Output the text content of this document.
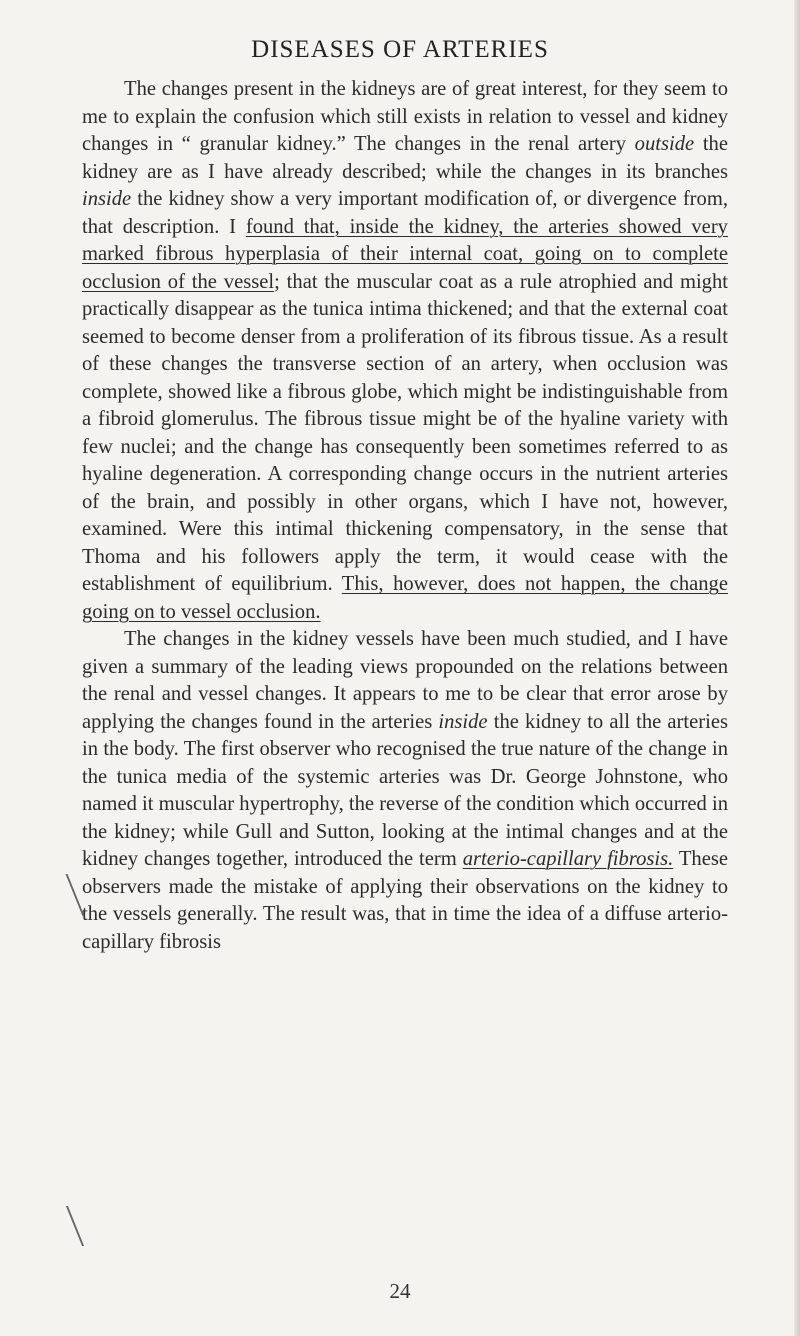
DISEASES OF ARTERIES

The changes present in the kidneys are of great interest, for they seem to me to explain the confusion which still exists in relation to vessel and kidney changes in “ granular kidney.” The changes in the renal artery outside the kidney are as I have already described; while the changes in its branches inside the kidney show a very important modification of, or divergence from, that description. I found that, inside the kidney, the arteries showed very marked fibrous hyperplasia of their internal coat, going on to complete occlusion of the vessel; that the muscular coat as a rule atrophied and might practically disappear as the tunica intima thickened; and that the external coat seemed to become denser from a proliferation of its fibrous tissue. As a result of these changes the transverse section of an artery, when occlusion was complete, showed like a fibrous globe, which might be indistinguishable from a fibroid glomerulus. The fibrous tissue might be of the hyaline variety with few nuclei; and the change has consequently been sometimes referred to as hyaline degeneration. A corresponding change occurs in the nutrient arteries of the brain, and possibly in other organs, which I have not, however, examined. Were this intimal thickening compensatory, in the sense that Thoma and his followers apply the term, it would cease with the establishment of equilibrium. This, however, does not happen, the change going on to vessel occlusion.

The changes in the kidney vessels have been much studied, and I have given a summary of the leading views propounded on the relations between the renal and vessel changes. It appears to me to be clear that error arose by applying the changes found in the arteries inside the kidney to all the arteries in the body. The first observer who recognised the true nature of the change in the tunica media of the systemic arteries was Dr. George Johnstone, who named it muscular hypertrophy, the reverse of the condition which occurred in the kidney; while Gull and Sutton, looking at the intimal changes and at the kidney changes together, introduced the term arterio-capillary fibrosis. These observers made the mistake of applying their observations on the kidney to the vessels generally. The result was, that in time the idea of a diffuse arterio-capillary fibrosis

24
